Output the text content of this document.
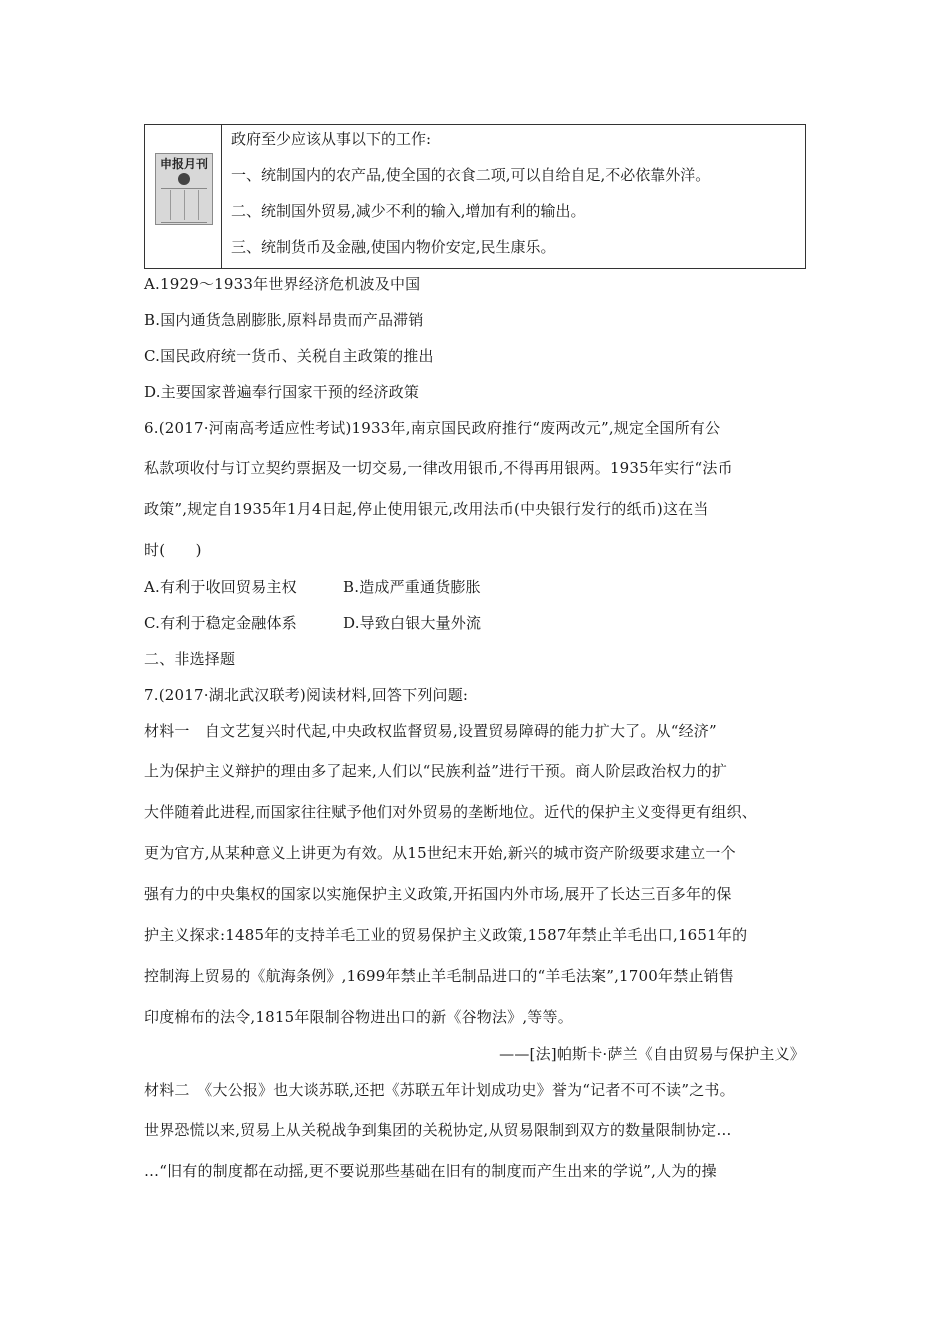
申报月刊
政府至少应该从事以下的工作:
一、统制国内的农产品,使全国的衣食二项,可以自给自足,不必依靠外洋。
二、统制国外贸易,减少不利的输入,增加有利的输出。
三、统制货币及金融,使国内物价安定,民生康乐。
A.1929～1933年世界经济危机波及中国
B.国内通货急剧膨胀,原料昂贵而产品滞销
C.国民政府统一货币、关税自主政策的推出
D.主要国家普遍奉行国家干预的经济政策
6.(2017·河南高考适应性考试)1933年,南京国民政府推行“废两改元”,规定全国所有公
私款项收付与订立契约票据及一切交易,一律改用银币,不得再用银两。1935年实行“法币
政策”,规定自1935年1月4日起,停止使用银元,改用法币(中央银行发行的纸币)这在当
时(　　)
A.有利于收回贸易主权	B.造成严重通货膨胀
C.有利于稳定金融体系	D.导致白银大量外流
二、非选择题
7.(2017·湖北武汉联考)阅读材料,回答下列问题:
材料一　自文艺复兴时代起,中央政权监督贸易,设置贸易障碍的能力扩大了。从“经济”
上为保护主义辩护的理由多了起来,人们以“民族利益”进行干预。商人阶层政治权力的扩
大伴随着此进程,而国家往往赋予他们对外贸易的垄断地位。近代的保护主义变得更有组织、
更为官方,从某种意义上讲更为有效。从15世纪末开始,新兴的城市资产阶级要求建立一个
强有力的中央集权的国家以实施保护主义政策,开拓国内外市场,展开了长达三百多年的保
护主义探求:1485年的支持羊毛工业的贸易保护主义政策,1587年禁止羊毛出口,1651年的
控制海上贸易的《航海条例》,1699年禁止羊毛制品进口的“羊毛法案”,1700年禁止销售
印度棉布的法令,1815年限制谷物进出口的新《谷物法》,等等。
——[法]帕斯卡·萨兰《自由贸易与保护主义》
材料二　《大公报》也大谈苏联,还把《苏联五年计划成功史》誉为“记者不可不读”之书。
世界恐慌以来,贸易上从关税战争到集团的关税协定,从贸易限制到双方的数量限制协定…
…“旧有的制度都在动摇,更不要说那些基础在旧有的制度而产生出来的学说”,人为的操
